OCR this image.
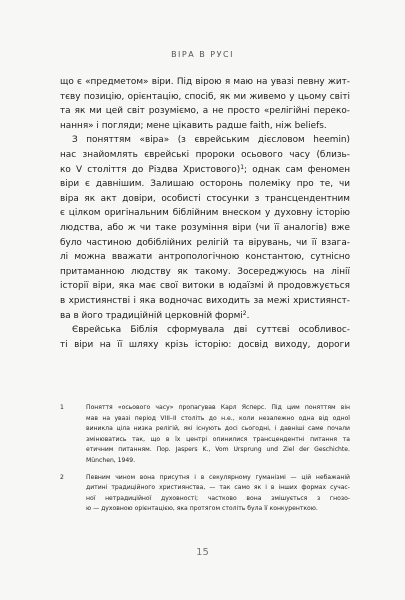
ВІРА В РУСІ
що є «предметом» віри. Під вірою я маю на увазі певну жит-
тєву позицію, орієнтацію, спосіб, як ми живемо у цьому світі
та як ми цей світ розуміємо, а не просто «релігійні переко-
нання» і погляди; мене цікавить радше faith, ніж beliefs.
З поняттям «віра» (з єврейським дієсловом heemin)
нас знайомлять єврейські пророки осьового часу (близь-
ко V століття до Різдва Христового)$^1$; однак сам феномен
віри є давнішим. Залишаю осторонь полеміку про те, чи
віра як акт довіри, особисті стосунки з трансцендентним
є цілком оригінальним біблійним внеском у духовну історію
людства, або ж чи таке розуміння віри (чи її аналогів) вже
було частиною добіблійних релігій та вірувань, чи її взага-
лі можна вважати антропологічною константою, сутнісно
притаманною людству як такому. Зосереджуюсь на лінії
історії віри, яка має свої витоки в юдаїзмі й продовжується
в християнстві і яка водночас виходить за межі християнст-
ва в його традиційній церковній формі$^2$.
Єврейська Біблія сформувала дві суттєві особливос-
ті віри на її шляху крізь історію: досвід виходу, дороги
1	Поняття «осьового часу» пропагував Карл Ясперс. Під цим поняттям він
мав на увазі період VIII–II століть до н.е., коли незалежно одна від одної
виникла ціла низка релігій, які існують досі сьогодні, і давніші саме почали
змінюватись так, що в їх центрі опинилися трансцендентні питання та
етичним питанням. Пор. Jaspers K., Vom Ursprung und Ziel der Geschichte.
München, 1949.
2	Певним чином вона присутня і в секулярному гуманізмі — цій небажаній
дитині традиційного християнства, — так само як і в інших формах сучас-
ної нетрадиційної духовності; частково вона змішується з гнозо-
ю — духовною орієнтацією, яка протягом століть була її конкуренткою.
15
